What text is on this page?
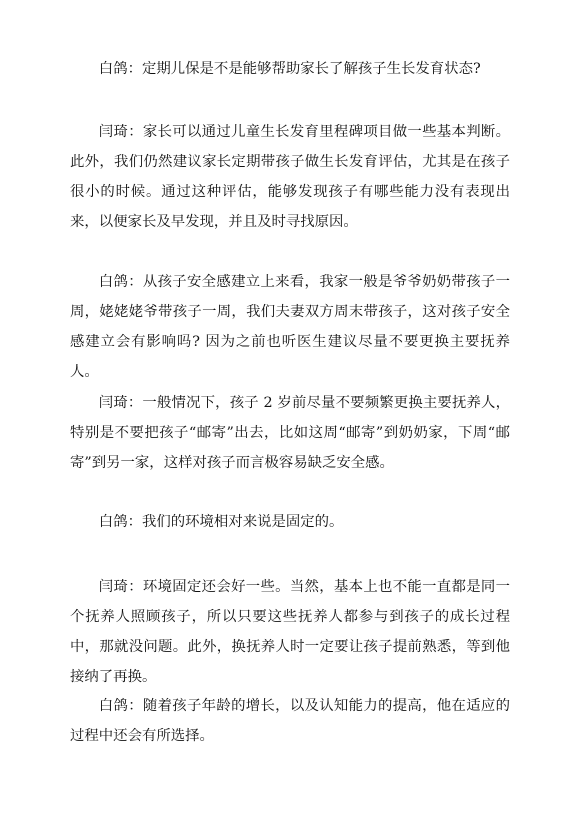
白鸽：定期儿保是不是能够帮助家长了解孩子生长发育状态?

闫琦：家长可以通过儿童生长发育里程碑项目做一些基本判断。此外，我们仍然建议家长定期带孩子做生长发育评估，尤其是在孩子很小的时候。通过这种评估，能够发现孩子有哪些能力没有表现出来，以便家长及早发现，并且及时寻找原因。

白鸽：从孩子安全感建立上来看，我家一般是爷爷奶奶带孩子一周，姥姥姥爷带孩子一周，我们夫妻双方周末带孩子，这对孩子安全感建立会有影响吗? 因为之前也听医生建议尽量不要更换主要抚养人。

闫琦：一般情况下，孩子 2 岁前尽量不要频繁更换主要抚养人，特别是不要把孩子“邮寄”出去，比如这周“邮寄”到奶奶家，下周“邮寄”到另一家，这样对孩子而言极容易缺乏安全感。

白鸽：我们的环境相对来说是固定的。

闫琦：环境固定还会好一些。当然，基本上也不能一直都是同一个抚养人照顾孩子，所以只要这些抚养人都参与到孩子的成长过程中，那就没问题。此外，换抚养人时一定要让孩子提前熟悉，等到他接纳了再换。

白鸽：随着孩子年龄的增长，以及认知能力的提高，他在适应的过程中还会有所选择。
